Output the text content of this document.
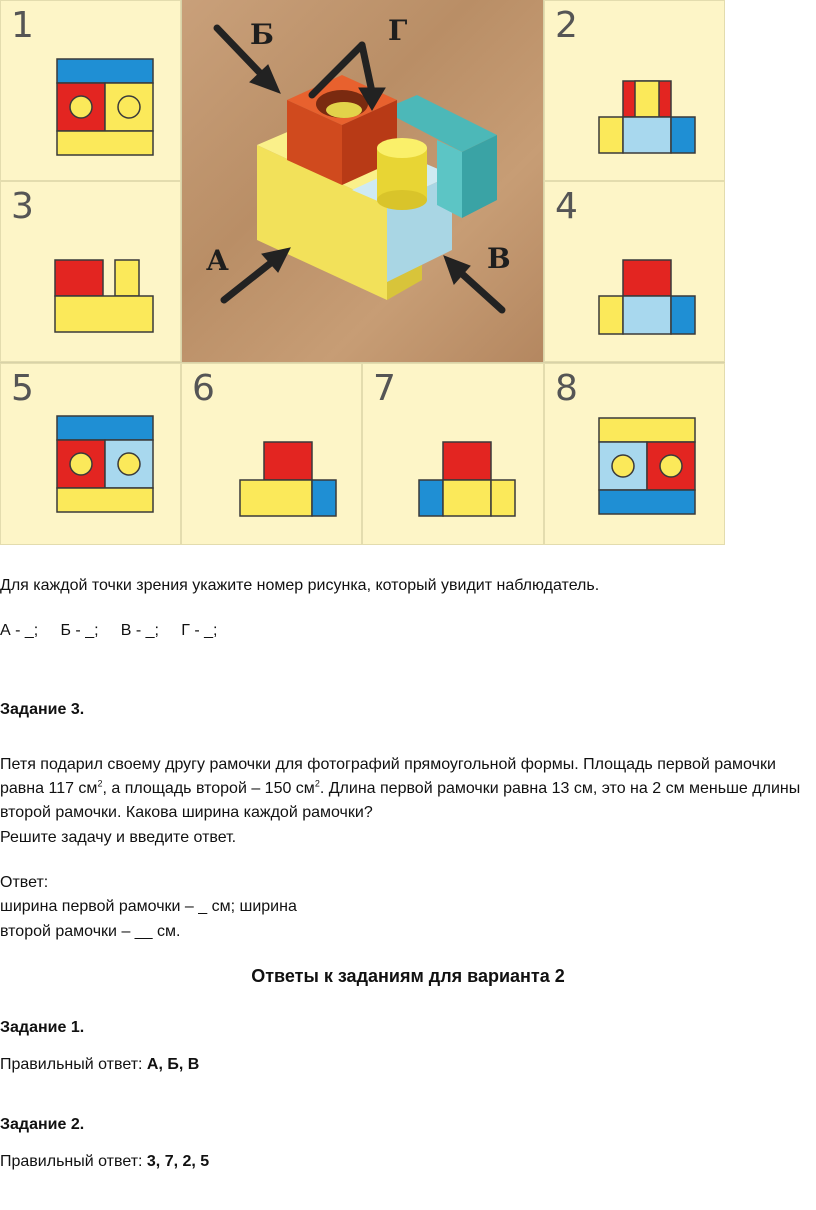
1	Б	Г
А	В
2
3	4
5	6	7	8
Для каждой точки зрения укажите номер рисунка, который увидит наблюдатель.
А - _; Б - _; В - _; Г - _;
Задание 3.
Петя подарил своему другу рамочки для фотографий прямоугольной формы. Площадь первой рамочки
равна 117 $см^2$, а площадь второй – 150 $см^2$. Длина первой рамочки равна 13 см, это на 2 см меньше длины
второй рамочки. Какова ширина каждой рамочки?
Решите задачу и введите ответ.
Ответ:
ширина первой рамочки – _ см; ширина
второй рамочки – __ см.
Ответы к заданиям для варианта 2
Задание 1.
Правильный ответ: А, Б, В
Задание 2.
Правильный ответ: 3, 7, 2, 5
